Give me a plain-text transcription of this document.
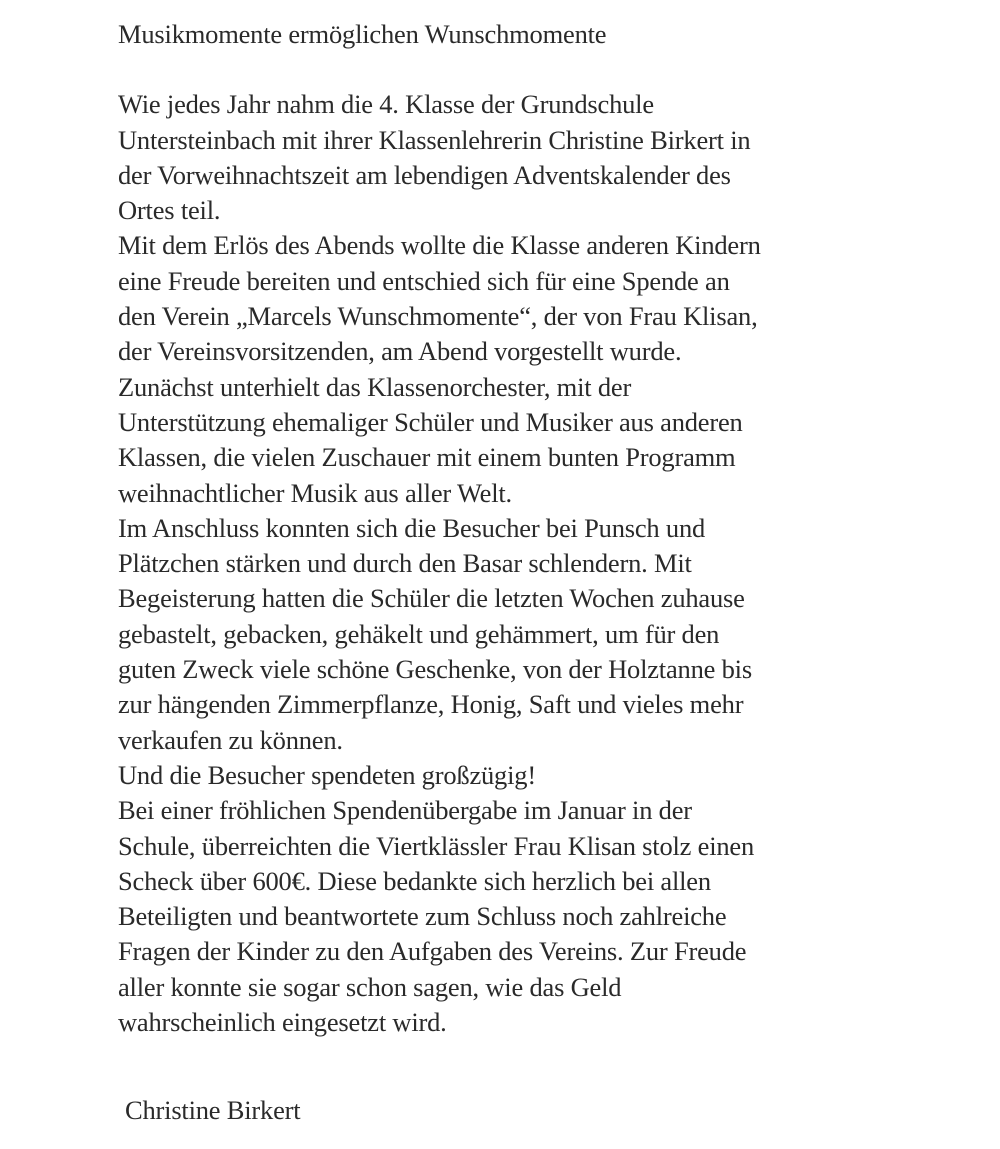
Musikmomente ermöglichen Wunschmomente
Wie jedes Jahr nahm die 4. Klasse der Grundschule
Untersteinbach mit ihrer Klassenlehrerin Christine Birkert in
der Vorweihnachtszeit am lebendigen Adventskalender des
Ortes teil.
Mit dem Erlös des Abends wollte die Klasse anderen Kindern
eine Freude bereiten und entschied sich für eine Spende an
den Verein „Marcels Wunschmomente“, der von Frau Klisan,
der Vereinsvorsitzenden, am Abend vorgestellt wurde.
Zunächst unterhielt das Klassenorchester, mit der
Unterstützung ehemaliger Schüler und Musiker aus anderen
Klassen, die vielen Zuschauer mit einem bunten Programm
weihnachtlicher Musik aus aller Welt.
Im Anschluss konnten sich die Besucher bei Punsch und
Plätzchen stärken und durch den Basar schlendern. Mit
Begeisterung hatten die Schüler die letzten Wochen zuhause
gebastelt, gebacken, gehäkelt und gehämmert, um für den
guten Zweck viele schöne Geschenke, von der Holztanne bis
zur hängenden Zimmerpflanze, Honig, Saft und vieles mehr
verkaufen zu können.
Und die Besucher spendeten großzügig!
Bei einer fröhlichen Spendenübergabe im Januar in der
Schule, überreichten die Viertklässler Frau Klisan stolz einen
Scheck über 600€. Diese bedankte sich herzlich bei allen
Beteiligten und beantwortete zum Schluss noch zahlreiche
Fragen der Kinder zu den Aufgaben des Vereins. Zur Freude
aller konnte sie sogar schon sagen, wie das Geld
wahrscheinlich eingesetzt wird.
Christine Birkert
